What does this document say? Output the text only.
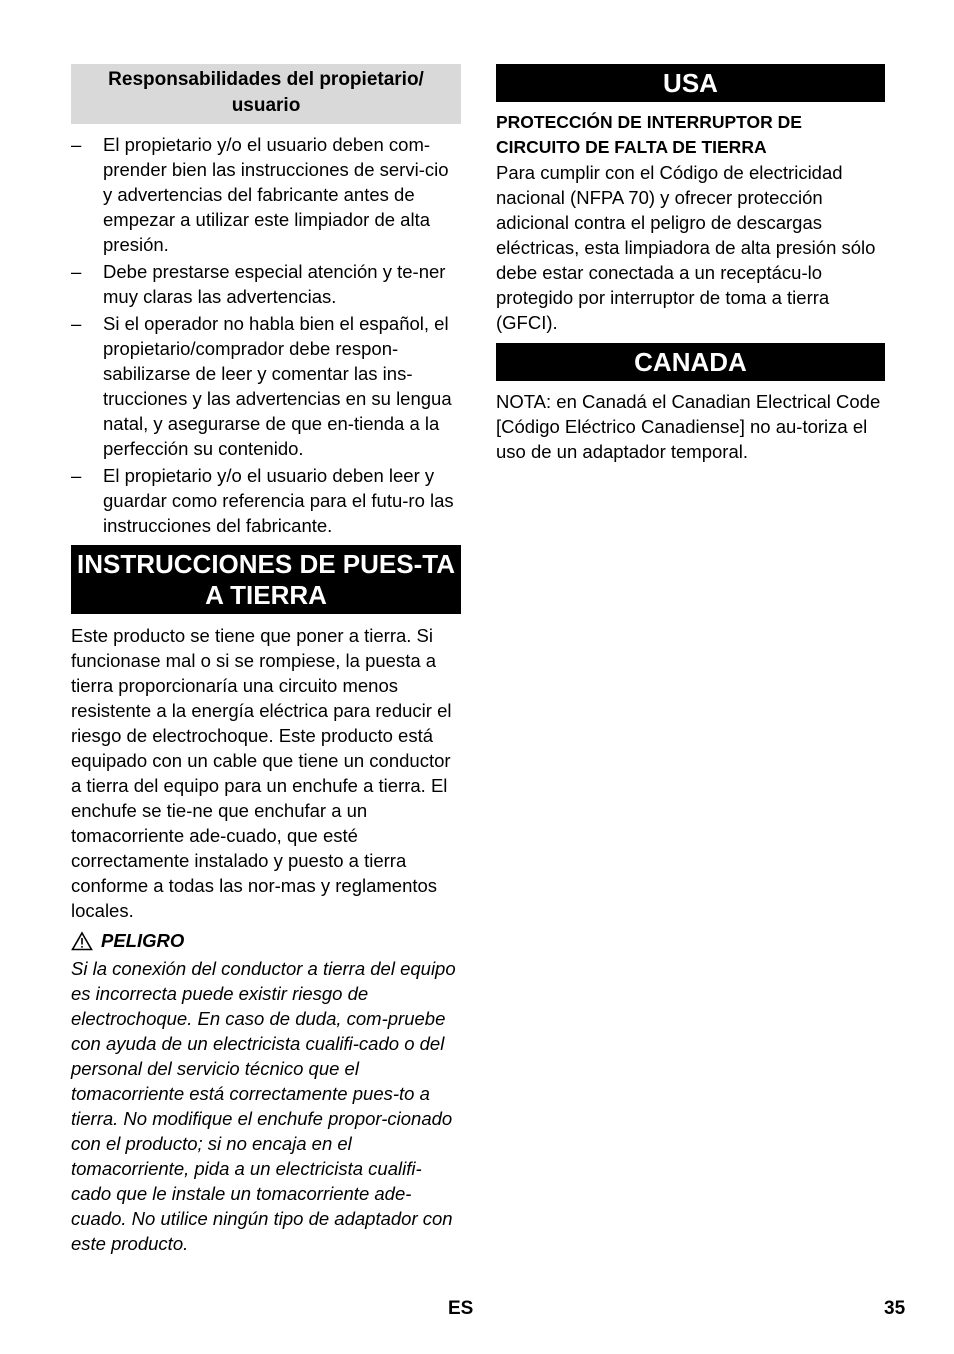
Responsabilidades del propietario/ usuario
– El propietario y/o el usuario deben com-prender bien las instrucciones de servi-cio y advertencias del fabricante antes de empezar a utilizar este limpiador de alta presión.
– Debe prestarse especial atención y te-ner muy claras las advertencias.
– Si el operador no habla bien el español, el propietario/comprador debe respon-sabilizarse de leer y comentar las ins-trucciones y las advertencias en su lengua natal, y asegurarse de que en-tienda a la perfección su contenido.
– El propietario y/o el usuario deben leer y guardar como referencia para el futu-ro las instrucciones del fabricante.
INSTRUCCIONES DE PUES-TA A TIERRA

Este producto se tiene que poner a tierra. Si funcionase mal o si se rompiese, la puesta a tierra proporcionaría una circuito menos resistente a la energía eléctrica para reducir el riesgo de electrochoque. Este producto está equipado con un cable que tiene un conductor a tierra del equipo para un enchufe a tierra. El enchufe se tie-ne que enchufar a un tomacorriente ade-cuado, que esté correctamente instalado y puesto a tierra conforme a todas las nor-mas y reglamentos locales.

PELIGRO

Si la conexión del conductor a tierra del equipo es incorrecta puede existir riesgo de electrochoque. En caso de duda, com-pruebe con ayuda de un electricista cualifi-cado o del personal del servicio técnico que el tomacorriente está correctamente pues-to a tierra. No modifique el enchufe propor-cionado con el producto; si no encaja en el tomacorriente, pida a un electricista cualifi-cado que le instale un tomacorriente ade-cuado. No utilice ningún tipo de adaptador con este producto.

USA
PROTECCIÓN DE INTERRUPTOR DE CIRCUITO DE FALTA DE TIERRA

Para cumplir con el Código de electricidad nacional (NFPA 70) y ofrecer protección adicional contra el peligro de descargas eléctricas, esta limpiadora de alta presión sólo debe estar conectada a un receptácu-lo protegido por interruptor de toma a tierra (GFCI).

CANADA

NOTA: en Canadá el Canadian Electrical Code [Código Eléctrico Canadiense] no au-toriza el uso de un adaptador temporal.

ES	35
